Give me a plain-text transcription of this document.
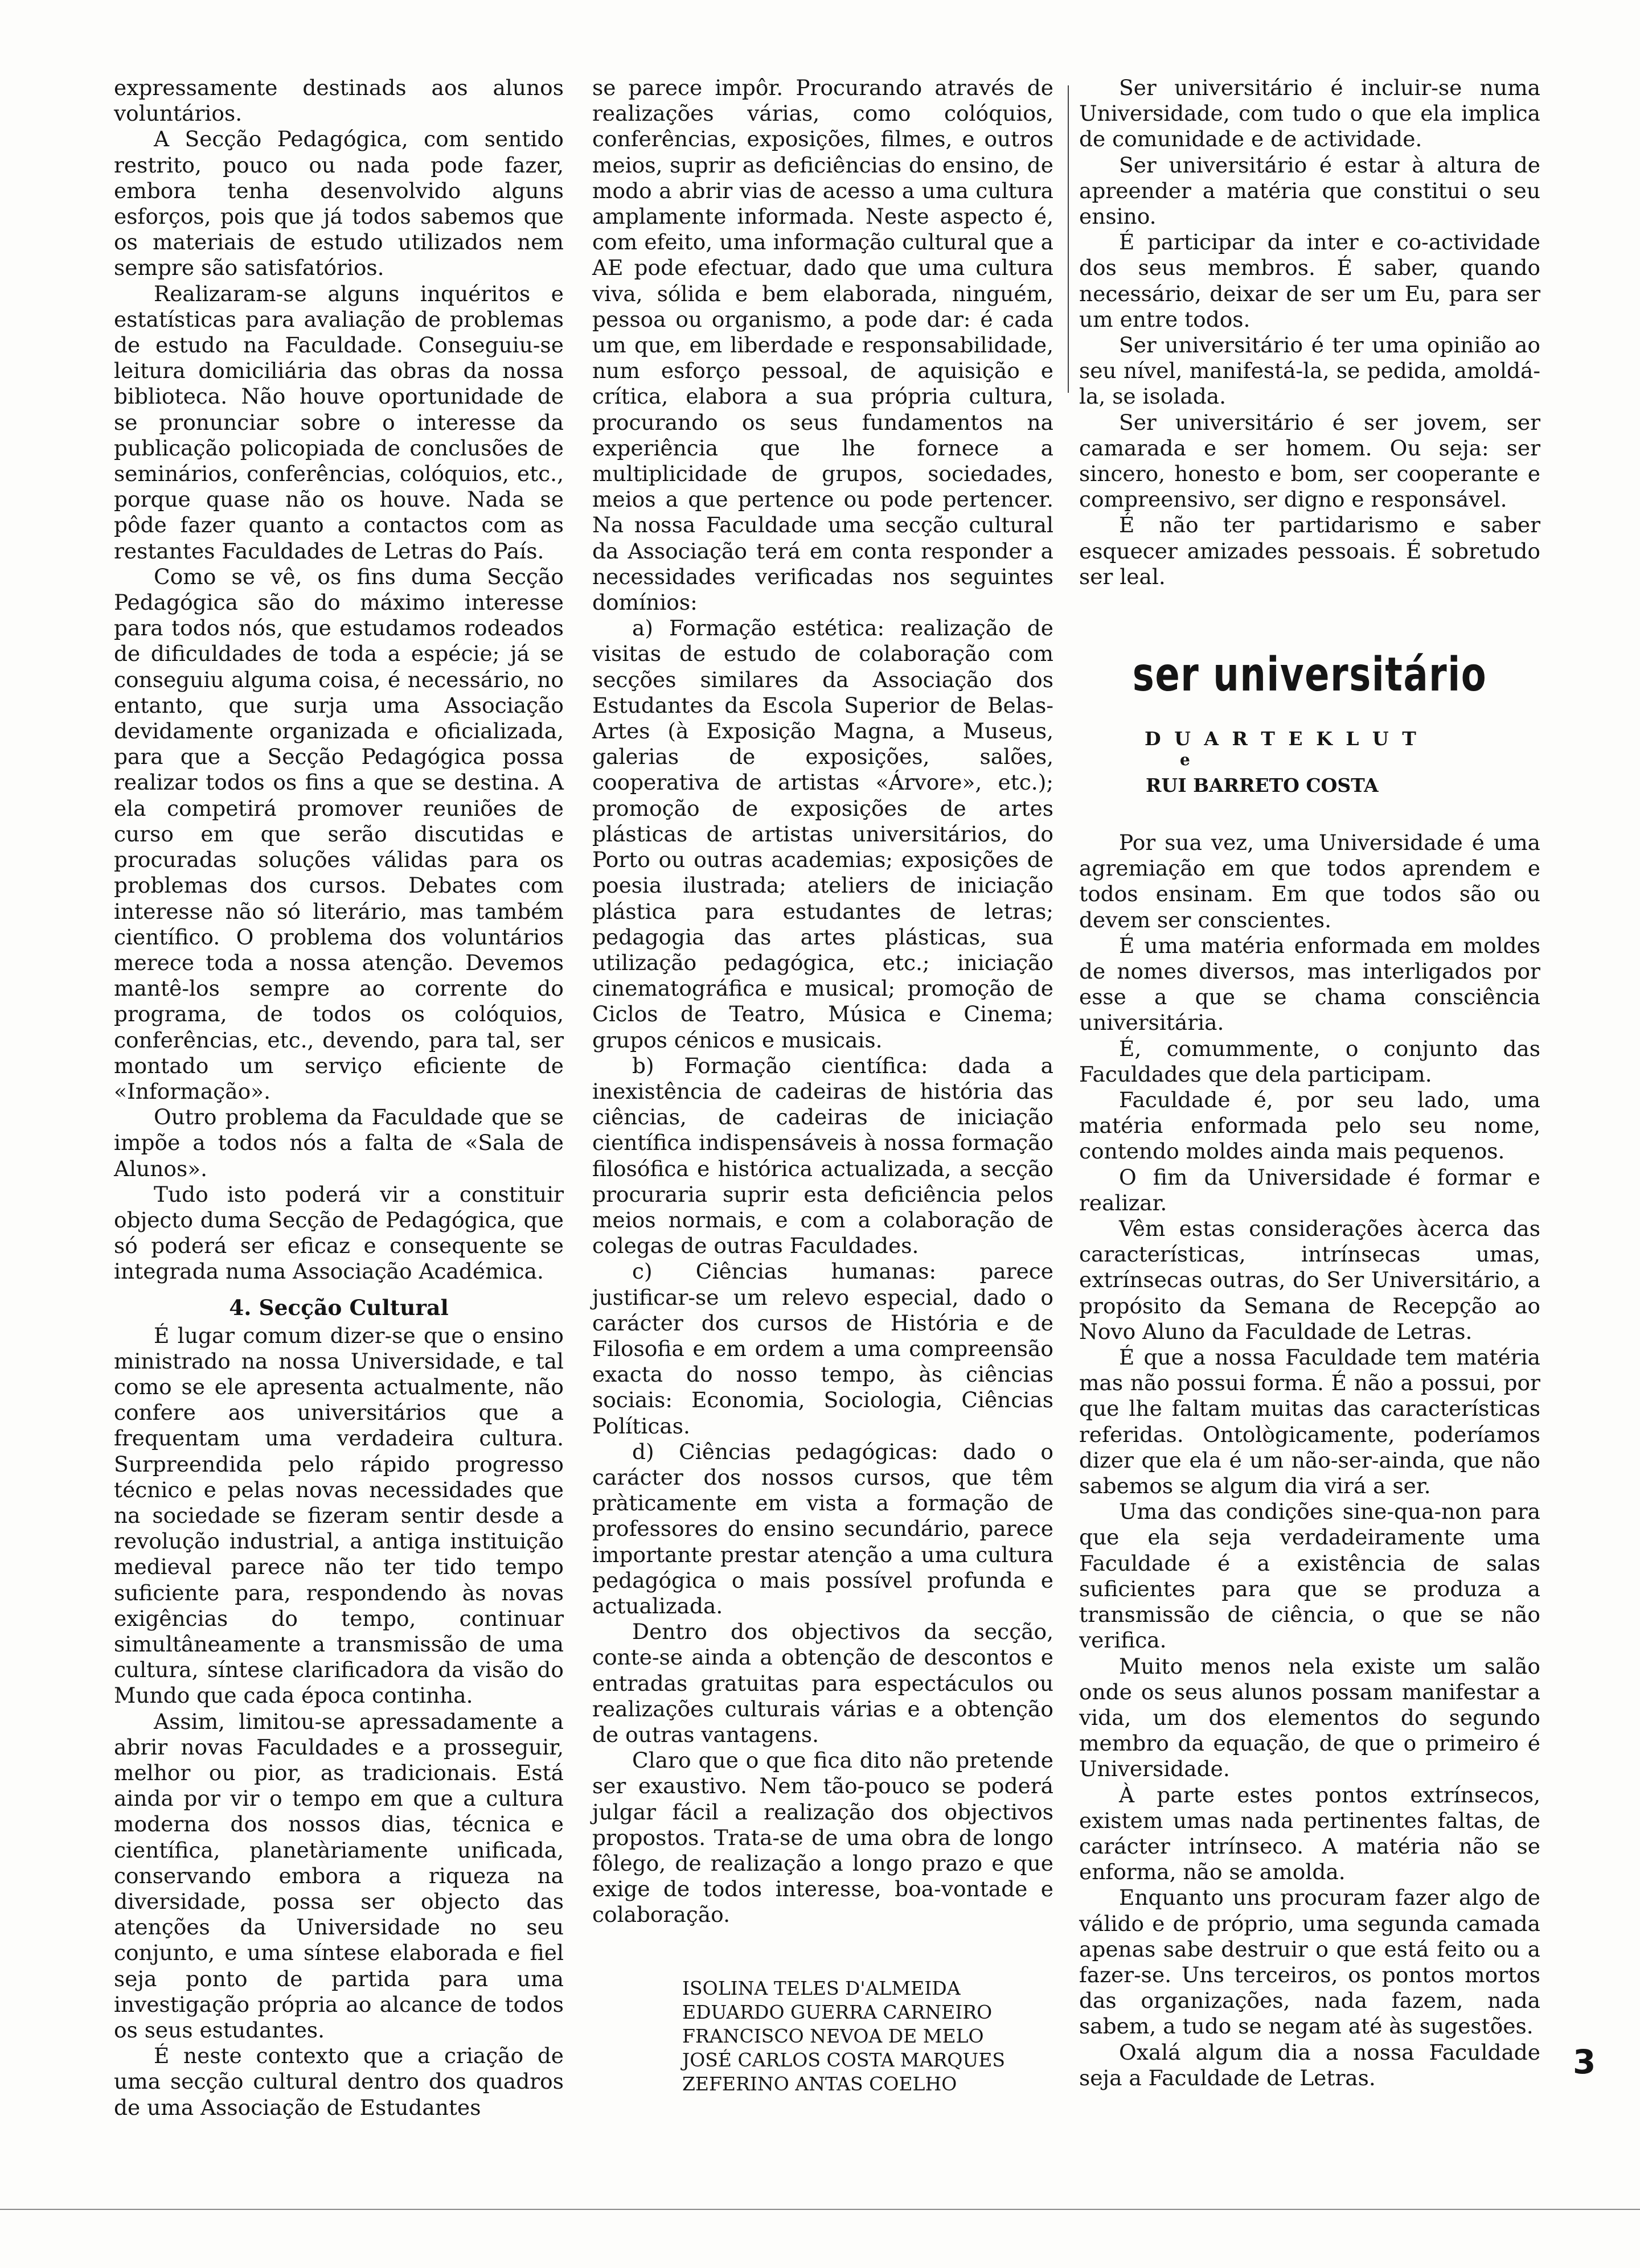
expressamente destinads aos alunos voluntários.

A Secção Pedagógica, com sentido restrito, pouco ou nada pode fazer, embora tenha desenvolvido alguns esforços, pois que já todos sabemos que os materiais de estudo utilizados nem sempre são satisfatórios.

Realizaram-se alguns inquéritos e estatísticas para avaliação de problemas de estudo na Faculdade. Conseguiu-se leitura domiciliária das obras da nossa biblioteca. Não houve oportunidade de se pronunciar sobre o interesse da publicação policopiada de conclusões de seminários, conferências, colóquios, etc., porque quase não os houve. Nada se pôde fazer quanto a contactos com as restantes Faculdades de Letras do País.

Como se vê, os fins duma Secção Pedagógica são do máximo interesse para todos nós, que estudamos rodeados de dificuldades de toda a espécie; já se conseguiu alguma coisa, é necessário, no entanto, que surja uma Associação devidamente organizada e oficializada, para que a Secção Pedagógica possa realizar todos os fins a que se destina. A ela competirá promover reuniões de curso em que serão discutidas e procuradas soluções válidas para os problemas dos cursos. Debates com interesse não só literário, mas também científico. O problema dos voluntários merece toda a nossa atenção. Devemos mantê-los sempre ao corrente do programa, de todos os colóquios, conferências, etc., devendo, para tal, ser montado um serviço eficiente de «Informação».

Outro problema da Faculdade que se impõe a todos nós a falta de «Sala de Alunos».

Tudo isto poderá vir a constituir objecto duma Secção de Pedagógica, que só poderá ser eficaz e consequente se integrada numa Associação Académica.

4. Secção Cultural

É lugar comum dizer-se que o ensino ministrado na nossa Universidade, e tal como se ele apresenta actualmente, não confere aos universitários que a frequentam uma verdadeira cultura. Surpreendida pelo rápido progresso técnico e pelas novas necessidades que na sociedade se fizeram sentir desde a revolução industrial, a antiga instituição medieval parece não ter tido tempo suficiente para, respondendo às novas exigências do tempo, continuar simultâneamente a transmissão de uma cultura, síntese clarificadora da visão do Mundo que cada época continha.

Assim, limitou-se apressadamente a abrir novas Faculdades e a prosseguir, melhor ou pior, as tradicionais. Está ainda por vir o tempo em que a cultura moderna dos nossos dias, técnica e científica, planetàriamente unificada, conservando embora a riqueza na diversidade, possa ser objecto das atenções da Universidade no seu conjunto, e uma síntese elaborada e fiel seja ponto de partida para uma investigação própria ao alcance de todos os seus estudantes.

É neste contexto que a criação de uma secção cultural dentro dos quadros de uma Associação de Estudantes

se parece impôr. Procurando através de realizações várias, como colóquios, conferências, exposições, filmes, e outros meios, suprir as deficiências do ensino, de modo a abrir vias de acesso a uma cultura amplamente informada. Neste aspecto é, com efeito, uma informação cultural que a AE pode efectuar, dado que uma cultura viva, sólida e bem elaborada, ninguém, pessoa ou organismo, a pode dar: é cada um que, em liberdade e responsabilidade, num esforço pessoal, de aquisição e crítica, elabora a sua própria cultura, procurando os seus fundamentos na experiência que lhe fornece a multiplicidade de grupos, sociedades, meios a que pertence ou pode pertencer. Na nossa Faculdade uma secção cultural da Associação terá em conta responder a necessidades verificadas nos seguintes domínios:

a) Formação estética: realização de visitas de estudo de colaboração com secções similares da Associação dos Estudantes da Escola Superior de Belas-Artes (à Exposição Magna, a Museus, galerias de exposições, salões, cooperativa de artistas «Árvore», etc.); promoção de exposições de artes plásticas de artistas universitários, do Porto ou outras academias; exposições de poesia ilustrada; ateliers de iniciação plástica para estudantes de letras; pedagogia das artes plásticas, sua utilização pedagógica, etc.; iniciação cinematográfica e musical; promoção de Ciclos de Teatro, Música e Cinema; grupos cénicos e musicais.

b) Formação científica: dada a inexistência de cadeiras de história das ciências, de cadeiras de iniciação científica indispensáveis à nossa formação filosófica e histórica actualizada, a secção procuraria suprir esta deficiência pelos meios normais, e com a colaboração de colegas de outras Faculdades.

c) Ciências humanas: parece justificar-se um relevo especial, dado o carácter dos cursos de História e de Filosofia e em ordem a uma compreensão exacta do nosso tempo, às ciências sociais: Economia, Sociologia, Ciências Políticas.

d) Ciências pedagógicas: dado o carácter dos nossos cursos, que têm pràticamente em vista a formação de professores do ensino secundário, parece importante prestar atenção a uma cultura pedagógica o mais possível profunda e actualizada.

Dentro dos objectivos da secção, conte-se ainda a obtenção de descontos e entradas gratuitas para espectáculos ou realizações culturais várias e a obtenção de outras vantagens.

Claro que o que fica dito não pretende ser exaustivo. Nem tão-pouco se poderá julgar fácil a realização dos objectivos propostos. Trata-se de uma obra de longo fôlego, de realização a longo prazo e que exige de todos interesse, boa-vontade e colaboração.

Ser universitário é incluir-se numa Universidade, com tudo o que ela implica de comunidade e de actividade.

Ser universitário é estar à altura de apreender a matéria que constitui o seu ensino.

É participar da inter e co-actividade dos seus membros. É saber, quando necessário, deixar de ser um Eu, para ser um entre todos.

Ser universitário é ter uma opinião ao seu nível, manifestá-la, se pedida, amoldá-la, se isolada.

Ser universitário é ser jovem, ser camarada e ser homem. Ou seja: ser sincero, honesto e bom, ser cooperante e compreensivo, ser digno e responsável.

É não ter partidarismo e saber esquecer amizades pessoais. É sobretudo ser leal.

ser universitário
D U A R T E K L U T
e
RUI BARRETO COSTA

Por sua vez, uma Universidade é uma agremiação em que todos aprendem e todos ensinam. Em que todos são ou devem ser conscientes.

É uma matéria enformada em moldes de nomes diversos, mas interligados por esse a que se chama consciência universitária.

É, comummente, o conjunto das Faculdades que dela participam.

Faculdade é, por seu lado, uma matéria enformada pelo seu nome, contendo moldes ainda mais pequenos.

O fim da Universidade é formar e realizar.

Vêm estas considerações àcerca das características, intrínsecas umas, extrínsecas outras, do Ser Universitário, a propósito da Semana de Recepção ao Novo Aluno da Faculdade de Letras.

É que a nossa Faculdade tem matéria mas não possui forma. É não a possui, por que lhe faltam muitas das características referidas. Ontològicamente, poderíamos dizer que ela é um não-ser-ainda, que não sabemos se algum dia virá a ser.

Uma das condições sine-qua-non para que ela seja verdadeiramente uma Faculdade é a existência de salas suficientes para que se produza a transmissão de ciência, o que se não verifica.

Muito menos nela existe um salão onde os seus alunos possam manifestar a vida, um dos elementos do segundo membro da equação, de que o primeiro é Universidade.

À parte estes pontos extrínsecos, existem umas nada pertinentes faltas, de carácter intrínseco. A matéria não se enforma, não se amolda.

Enquanto uns procuram fazer algo de válido e de próprio, uma segunda camada apenas sabe destruir o que está feito ou a fazer-se. Uns terceiros, os pontos mortos das organizações, nada fazem, nada sabem, a tudo se negam até às sugestões.

Oxalá algum dia a nossa Faculdade seja a Faculdade de Letras.

ISOLINA TELES D'ALMEIDA
EDUARDO GUERRA CARNEIRO
FRANCISCO NEVOA DE MELO
JOSÉ CARLOS COSTA MARQUES
ZEFERINO ANTAS COELHO
3
